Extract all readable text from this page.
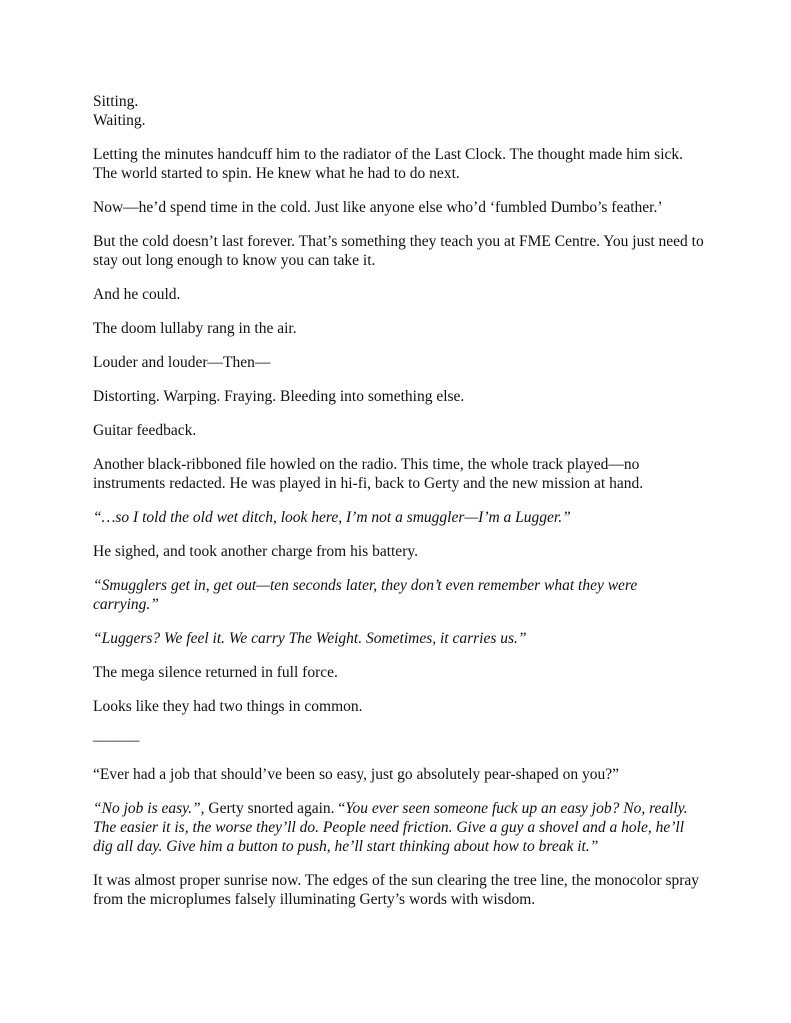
Sitting.
Waiting.

Letting the minutes handcuff him to the radiator of the Last Clock. The thought made him sick. The world started to spin. He knew what he had to do next.

Now—he’d spend time in the cold. Just like anyone else who’d ‘fumbled Dumbo’s feather.’

But the cold doesn’t last forever. That’s something they teach you at FME Centre. You just need to stay out long enough to know you can take it.

And he could.

The doom lullaby rang in the air.

Louder and louder—Then—

Distorting. Warping. Fraying. Bleeding into something else.

Guitar feedback.

Another black-ribboned file howled on the radio. This time, the whole track played—no instruments redacted. He was played in hi-fi, back to Gerty and the new mission at hand.

“…so I told the old wet ditch, look here, I’m not a smuggler—I’m a Lugger.”

He sighed, and took another charge from his battery.

“Smugglers get in, get out—ten seconds later, they don’t even remember what they were carrying.”

“Luggers? We feel it. We carry The Weight. Sometimes, it carries us.”

The mega silence returned in full force.

Looks like they had two things in common.

———

“Ever had a job that should’ve been so easy, just go absolutely pear-shaped on you?”

“No job is easy.”, Gerty snorted again. “You ever seen someone fuck up an easy job? No, really. The easier it is, the worse they’ll do. People need friction. Give a guy a shovel and a hole, he’ll dig all day. Give him a button to push, he’ll start thinking about how to break it.”

It was almost proper sunrise now. The edges of the sun clearing the tree line, the monocolor spray from the microplumes falsely illuminating Gerty’s words with wisdom.
